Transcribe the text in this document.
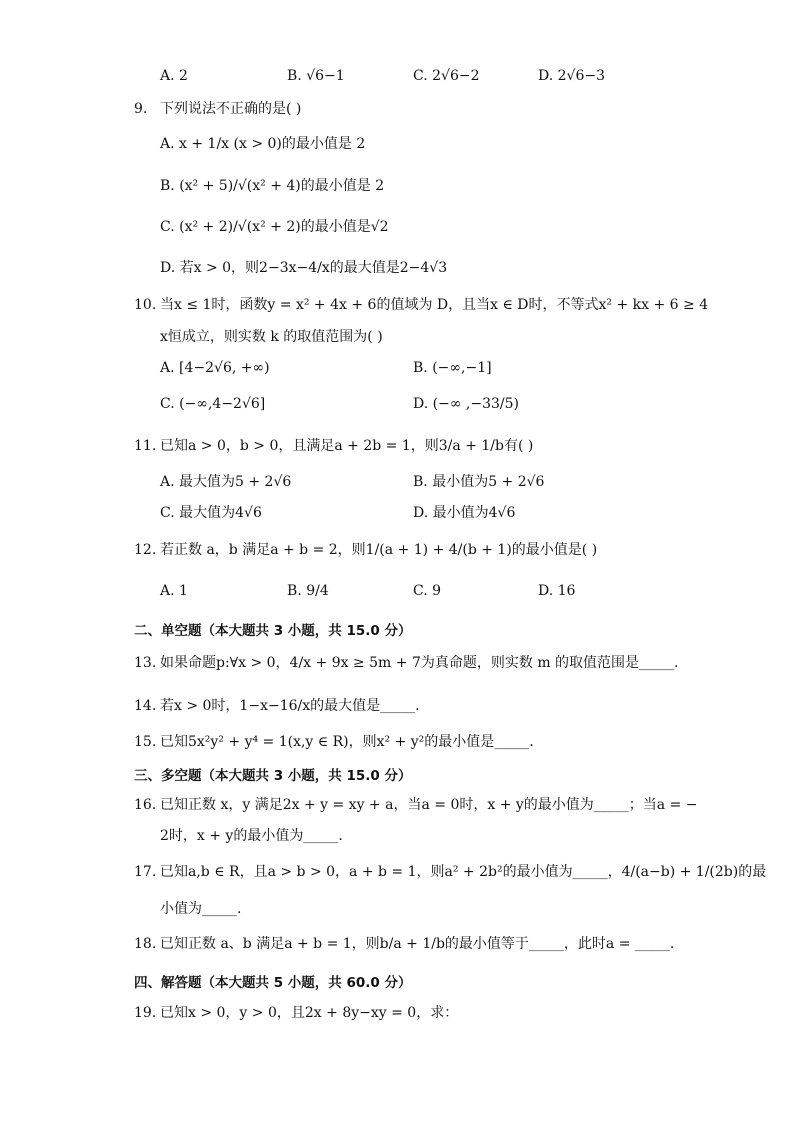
A. 2	B. √6−1	C. 2√6−2	D. 2√6−3
9. 下列说法不正确的是( )
A. x + 1/x (x > 0)的最小值是 2
B. (x² + 5)/√(x² + 4)的最小值是 2
C. (x² + 2)/√(x² + 2)的最小值是√2
D. 若x > 0，则2−3x−4/x的最大值是2−4√3
10. 当x ≤ 1时，函数y = x² + 4x + 6的值域为 D，且当x ∈ D时，不等式x² + kx + 6 ≥ 4
x恒成立，则实数 k 的取值范围为( )
A. [4−2√6, +∞)	B. (−∞,−1]
C. (−∞,4−2√6]	D. (−∞ ,−33/5)
11. 已知a > 0，b > 0，且满足a + 2b = 1，则3/a + 1/b有( )
A. 最大值为5 + 2√6	B. 最小值为5 + 2√6
C. 最大值为4√6	D. 最小值为4√6
12. 若正数 a，b 满足a + b = 2，则1/(a + 1) + 4/(b + 1)的最小值是( )
A. 1	B. 9/4	C. 9	D. 16
二、单空题（本大题共 3 小题，共 15.0 分）
13. 如果命题p:∀x > 0，4/x + 9x ≥ 5m + 7为真命题，则实数 m 的取值范围是_____.
14. 若x > 0时，1−x−16/x的最大值是_____.
15. 已知5x²y² + y⁴ = 1(x,y ∈ R)，则x² + y²的最小值是_____.
三、多空题（本大题共 3 小题，共 15.0 分）
16. 已知正数 x，y 满足2x + y = xy + a，当a = 0时，x + y的最小值为_____；当a = −
2时，x + y的最小值为_____.
17. 已知a,b ∈ R，且a > b > 0，a + b = 1，则a² + 2b²的最小值为_____，4/(a−b) + 1/(2b)的最
小值为_____.
18. 已知正数 a、b 满足a + b = 1，则b/a + 1/b的最小值等于_____，此时a = _____.
四、解答题（本大题共 5 小题，共 60.0 分）
19. 已知x > 0，y > 0，且2x + 8y−xy = 0，求：
